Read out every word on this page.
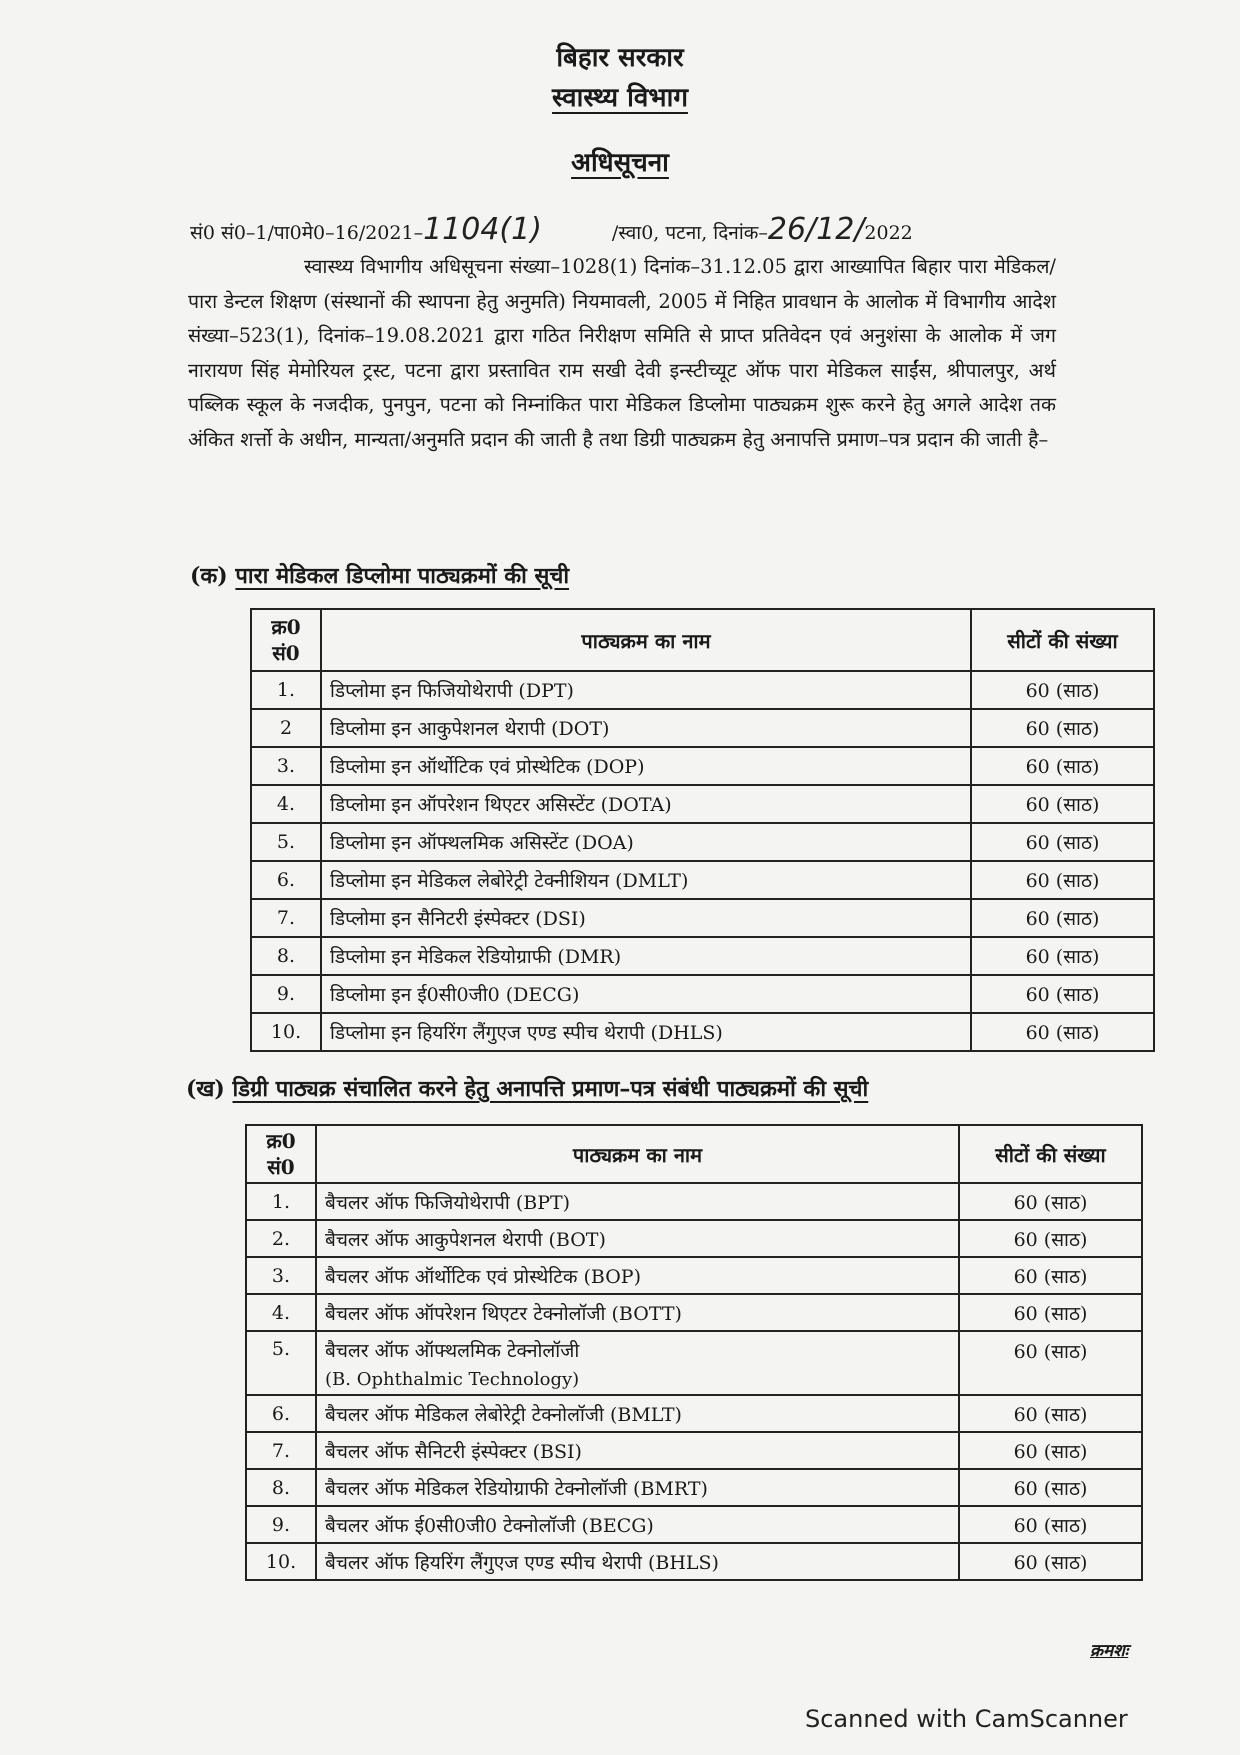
बिहार सरकार
स्वास्थ्य विभाग
अधिसूचना
सं0 सं0–1/पा0मे0–16/2021–1104(1)	/स्वा0, पटना, दिनांक–26/12/2022
स्वास्थ्य विभागीय अधिसूचना संख्या–1028(1) दिनांक–31.12.05 द्वारा आख्यापित बिहार पारा मेडिकल/पारा डेन्टल शिक्षण (संस्थानों की स्थापना हेतु अनुमति) नियमावली, 2005 में निहित प्रावधान के आलोक में विभागीय आदेश संख्या–523(1), दिनांक–19.08.2021 द्वारा गठित निरीक्षण समिति से प्राप्त प्रतिवेदन एवं अनुशंसा के आलोक में जग नारायण सिंह मेमोरियल ट्रस्ट, पटना द्वारा प्रस्तावित राम सखी देवी इन्स्टीच्यूट ऑफ पारा मेडिकल साईंस, श्रीपालपुर, अर्थ पब्लिक स्कूल के नजदीक, पुनपुन, पटना को निम्नांकित पारा मेडिकल डिप्लोमा पाठ्यक्रम शुरू करने हेतु अगले आदेश तक अंकित शर्त्तो के अधीन, मान्यता/अनुमति प्रदान की जाती है तथा डिग्री पाठ्यक्रम हेतु अनापत्ति प्रमाण–पत्र प्रदान की जाती है–
(क) पारा मेडिकल डिप्लोमा पाठ्यक्रमों की सूची
क्र0
सं0	पाठ्यक्रम का नाम	सीटों की संख्या
1.	डिप्लोमा इन फिजियोथेरापी (DPT)	60 (साठ)
2	डिप्लोमा इन आकुपेशनल थेरापी (DOT)	60 (साठ)
3.	डिप्लोमा इन ऑर्थोटिक एवं प्रोस्थेटिक (DOP)	60 (साठ)
4.	डिप्लोमा इन ऑपरेशन थिएटर असिस्टेंट (DOTA)	60 (साठ)
5.	डिप्लोमा इन ऑफ्थलमिक असिस्टेंट (DOA)	60 (साठ)
6.	डिप्लोमा इन मेडिकल लेबोरेट्री टेक्नीशियन (DMLT)	60 (साठ)
7.	डिप्लोमा इन सैनिटरी इंस्पेक्टर (DSI)	60 (साठ)
8.	डिप्लोमा इन मेडिकल रेडियोग्राफी (DMR)	60 (साठ)
9.	डिप्लोमा इन ई0सी0जी0 (DECG)	60 (साठ)
10.	डिप्लोमा इन हियरिंग लैंगुएज एण्ड स्पीच थेरापी (DHLS)	60 (साठ)
(ख) डिग्री पाठ्यक्र संचालित करने हेतु अनापत्ति प्रमाण–पत्र संबंधी पाठ्यक्रमों की सूची
क्र0
सं0	पाठ्यक्रम का नाम	सीटों की संख्या
1.	बैचलर ऑफ फिजियोथेरापी (BPT)	60 (साठ)
2.	बैचलर ऑफ आकुपेशनल थेरापी (BOT)	60 (साठ)
3.	बैचलर ऑफ ऑर्थोटिक एवं प्रोस्थेटिक (BOP)	60 (साठ)
4.	बैचलर ऑफ ऑपरेशन थिएटर टेक्नोलॉजी (BOTT)	60 (साठ)
5.	बैचलर ऑफ ऑफ्थलमिक टेक्नोलॉजी
(B. Ophthalmic Technology)	60 (साठ)
6.	बैचलर ऑफ मेडिकल लेबोरेट्री टेक्नोलॉजी (BMLT)	60 (साठ)
7.	बैचलर ऑफ सैनिटरी इंस्पेक्टर (BSI)	60 (साठ)
8.	बैचलर ऑफ मेडिकल रेडियोग्राफी टेक्नोलॉजी (BMRT)	60 (साठ)
9.	बैचलर ऑफ ई0सी0जी0 टेक्नोलॉजी (BECG)	60 (साठ)
10.	बैचलर ऑफ हियरिंग लैंगुएज एण्ड स्पीच थेरापी (BHLS)	60 (साठ)
क्रमशः
Scanned with CamScanner
